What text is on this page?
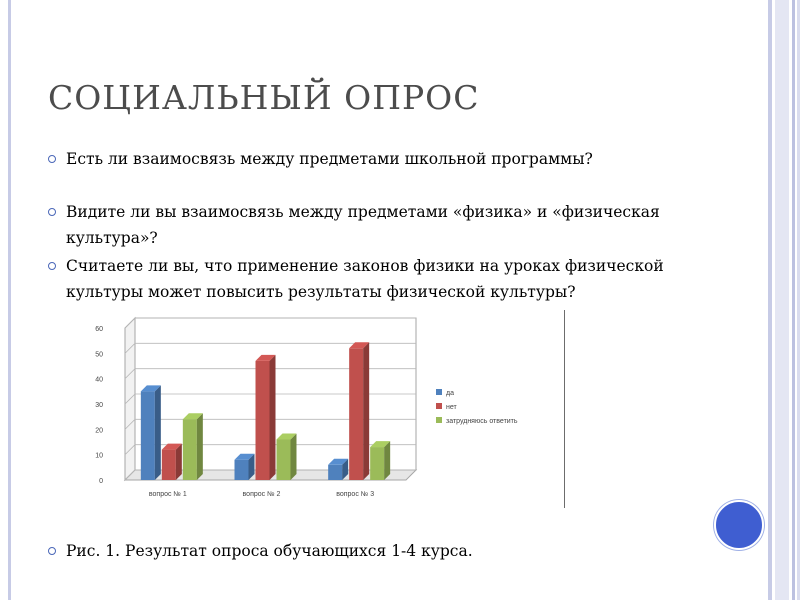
СОЦИАЛЬНЫЙ ОПРОС
Есть ли взаимосвязь между предметами школьной программы?
Видите ли вы взаимосвязь между предметами «физика» и «физическая культура»?
Считаете ли вы, что применение законов физики на уроках физической культуры может повысить результаты физической культуры?
0
10
20
30
40
50
60
вопрос № 1	вопрос № 2	вопрос № 3
да
нет
затрудняюсь ответить
Рис. 1. Результат опроса обучающихся 1-4 курса.
